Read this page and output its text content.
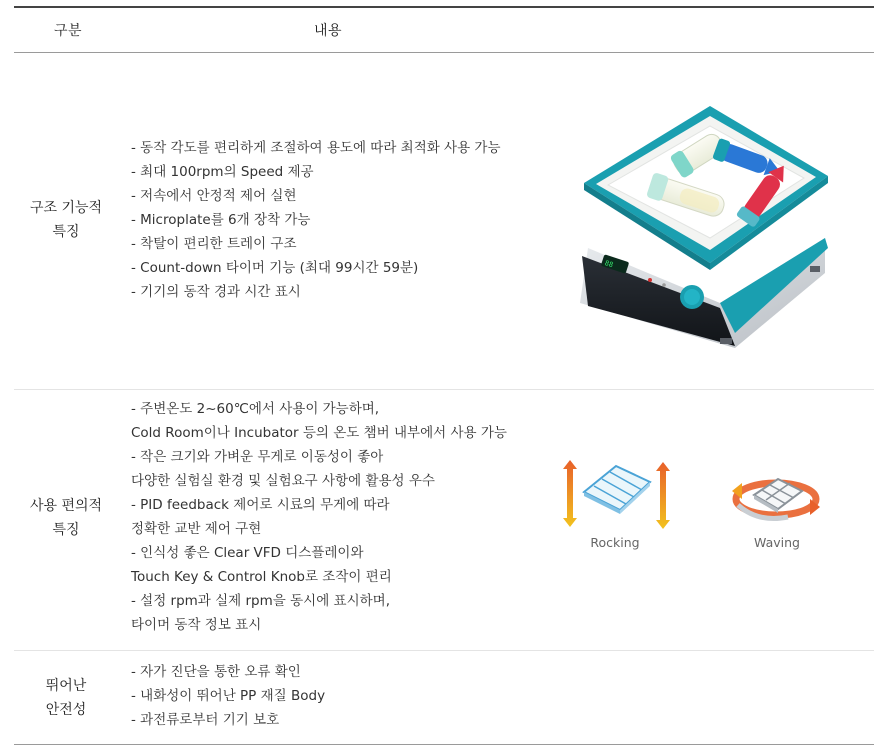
구분	내용
구조 기능적
특징
- 동작 각도를 편리하게 조절하여 용도에 따라 최적화 사용 가능
- 최대 100rpm의 Speed 제공
- 저속에서 안정적 제어 실현
- Microplate를 6개 장착 가능
- 착탈이 편리한 트레이 구조
- Count-down 타이머 기능 (최대 99시간 59분)
- 기기의 동작 경과 시간 표시
사용 편의적
특징
- 주변온도 2~60℃에서 사용이 가능하며,
Cold Room이나 Incubator 등의 온도 챔버 내부에서 사용 가능
- 작은 크기와 가벼운 무게로 이동성이 좋아
다양한 실험실 환경 및 실험요구 사항에 활용성 우수
- PID feedback 제어로 시료의 무게에 따라
정확한 교반 제어 구현
- 인식성 좋은 Clear VFD 디스플레이와
Touch Key & Control Knob로 조작이 편리
- 설정 rpm과 실제 rpm을 동시에 표시하며,
타이머 동작 정보 표시
뛰어난
안전성
- 자가 진단을 통한 오류 확인
- 내화성이 뛰어난 PP 재질 Body
- 과전류로부터 기기 보호
88
Rocking	Waving
